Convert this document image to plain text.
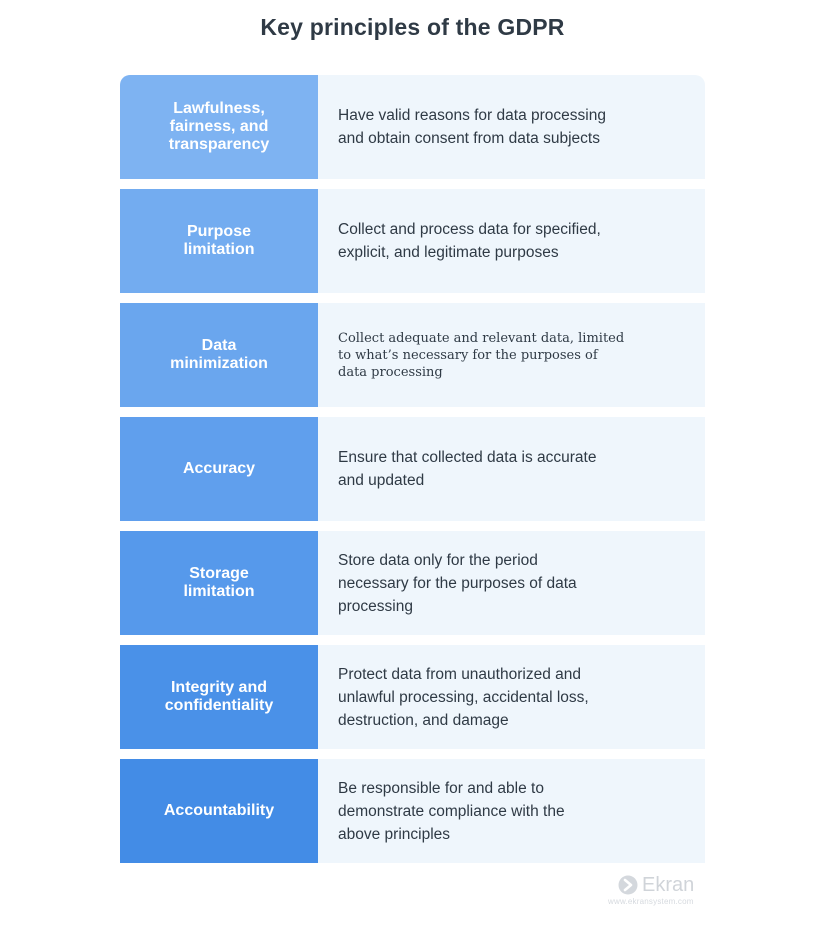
Key principles of the GDPR
Lawfulness,
fairness, and
transparency
Have valid reasons for data processing
and obtain consent from data subjects
Purpose
limitation
Collect and process data for specified,
explicit, and legitimate purposes
Data
minimization
Collect adequate and relevant data, limited
to what’s necessary for the purposes of
data processing
Accuracy
Ensure that collected data is accurate
and updated
Storage
limitation
Store data only for the period
necessary for the purposes of data
processing
Integrity and
confidentiality
Protect data from unauthorized and
unlawful processing, accidental loss,
destruction, and damage
Accountability
Be responsible for and able to
demonstrate compliance with the
above principles
Ekran
www.ekransystem.com
